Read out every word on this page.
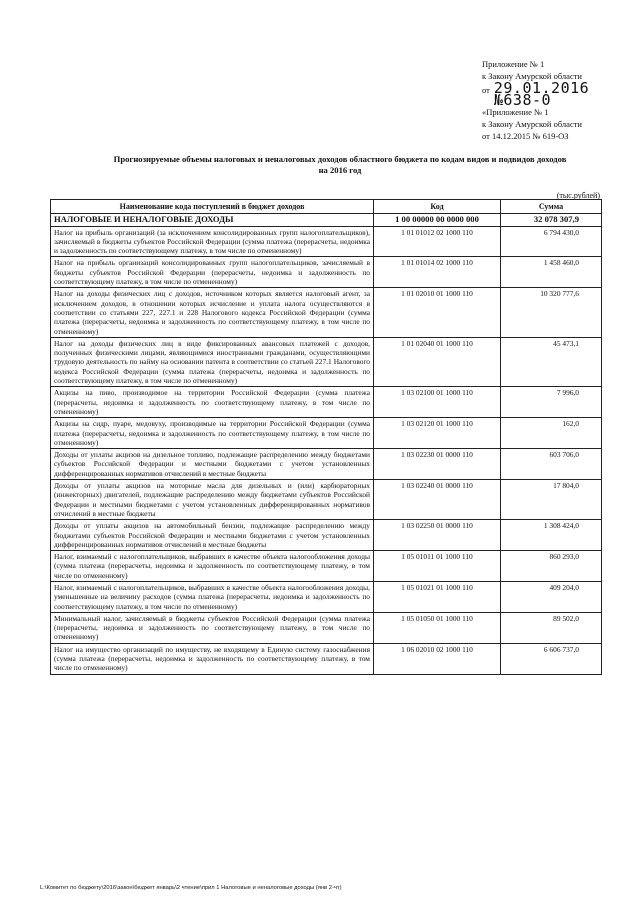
Приложение № 1
к Закону Амурской области
от 29.01.2016 №638-0
«Приложение № 1
к Закону Амурской области
от 14.12.2015 № 619-ОЗ
Прогнозируемые объемы налоговых и неналоговых доходов областного бюджета по кодам видов и подвидов доходов
на 2016 год
(тыс.рублей)
Наименование кода поступлений в бюджет доходов	Код	Сумма
НАЛОГОВЫЕ И НЕНАЛОГОВЫЕ ДОХОДЫ	1 00 00000 00 0000 000	32 078 307,9
Налог на прибыль организаций (за исключением консолидированных групп налогоплательщиков), зачисляемый в бюджеты субъектов Российской Федерации (сумма платежа (перерасчеты, недоимка и задолженность по соответствующему платежу, в том числе по отмененному)	1 01 01012 02 1000 110	6 794 430,0
Налог на прибыль организаций консолидированных групп налогоплательщиков, зачисляемый в бюджеты субъектов Российской Федерации (перерасчеты, недоимка и задолженность по соответствующему платежу, в том числе по отмененному)	1 01 01014 02 1000 110	1 458 460,0
Налог на доходы физических лиц с доходов, источником которых является налоговый агент, за исключением доходов, в отношении которых исчисление и уплата налога осуществляются в соответствии со статьями 227, 227.1 и 228 Налогового кодекса Российской Федерации (сумма платежа (перерасчеты, недоимка и задолженность по соответствующему платежу, в том числе по отмененному)	1 01 02010 01 1000 110	10 320 777,6
Налог на доходы физических лиц в виде фиксированных авансовых платежей с доходов, полученных физическими лицами, являющимися иностранными гражданами, осуществляющими трудовую деятельность по найму на основании патента в соответствии со статьей 227.1 Налогового кодекса Российской Федерации (сумма платежа (перерасчеты, недоимка и задолженность по соответствующему платежу, в том числе по отмененному)	1 01 02040 01 1000 110	45 473,1
Акцизы на пиво, производимое на территории Российской Федерации (сумма платежа (перерасчеты, недоимка и задолженность по соответствующему платежу, в том числе по отмененному)	1 03 02100 01 1000 110	7 996,0
Акцизы на сидр, пуаре, медовуху, производимые на территории Российской Федерации (сумма платежа (перерасчеты, недоимка и задолженность по соответствующему платежу, в том числе по отмененному)	1 03 02120 01 1000 110	162,0
Доходы от уплаты акцизов на дизельное топливо, подлежащие распределению между бюджетами субъектов Российской Федерации и местными бюджетами с учетом установленных дифференцированных нормативов отчислений в местные бюджеты	1 03 02230 01 0000 110	603 706,0
Доходы от уплаты акцизов на моторные масла для дизельных и (или) карбюраторных (инжекторных) двигателей, подлежащие распределению между бюджетами субъектов Российской Федерации и местными бюджетами с учетом установленных дифференцированных нормативов отчислений в местные бюджеты	1 03 02240 01 0000 110	17 804,0
Доходы от уплаты акцизов на автомобильный бензин, подлежащие распределению между бюджетами субъектов Российской Федерации и местными бюджетами с учетом установленных дифференцированных нормативов отчислений в местные бюджеты	1 03 02250 01 0000 110	1 308 424,0
Налог, взимаемый с налогоплательщиков, выбравших в качестве объекта налогообложения доходы (сумма платежа (перерасчеты, недоимка и задолженность по соответствующему платежу, в том числе по отмененному)	1 05 01011 01 1000 110	860 293,0
Налог, взимаемый с налогоплательщиков, выбравших в качестве объекта налогообложения доходы, уменьшенные на величину расходов (сумма платежа (перерасчеты, недоимка и задолженность по соответствующему платежу, в том числе по отмененному)	1 05 01021 01 1000 110	409 204,0
Минимальный налог, зачисляемый в бюджеты субъектов Российской Федерации (сумма платежа (перерасчеты, недоимка и задолженность по соответствующему платежу, в том числе по отмененному)	1 05 01050 01 1000 110	89 502,0
Налог на имущество организаций по имуществу, не входящему в Единую систему газоснабжения (сумма платежа (перерасчеты, недоимка и задолженность по соответствующему платежу, в том числе по отмененному)	1 06 02010 02 1000 110	6 606 737,0
L:\Комитет по бюджету\2016\закон\бюджет январь\2 чтение\прил 1 Налоговые и неналоговые доходы (янв 2-чт)
